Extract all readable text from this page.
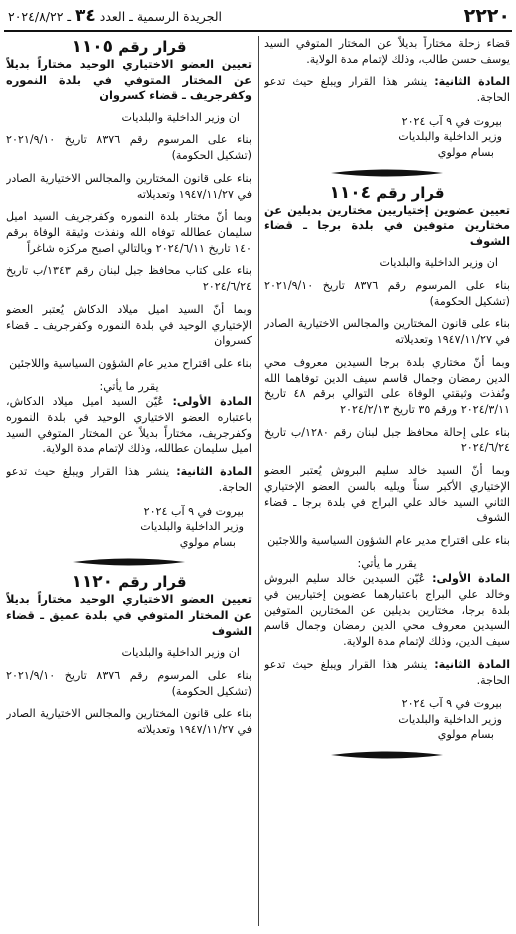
٢٢٢٠
الجريدة الرسمية ـ العدد ٣٤ ـ ٢٠٢٤/٨/٢٢

قضاء زحلة مختاراً بديلاً عن المختار المتوفي السيد يوسف حسن طالب، وذلك لإتمام مدة الولاية.

المادة الثانية: ينشر هذا القرار ويبلغ حيث تدعو الحاجة.

بيروت في ٩ آب ٢٠٢٤
وزير الداخلية والبلديات
بسام مولوي
قرار رقم ١١٠٤
تعيين عضوين إختياريين مختارين بديلين عن مختارين متوفين في بلدة برجا ـ قضاء الشوف

ان وزير الداخلية والبلديات

بناء على المرسوم رقم ٨٣٧٦ تاريخ ٢٠٢١/٩/١٠ (تشكيل الحكومة)

بناء على قانون المختارين والمجالس الاختيارية الصادر في ١٩٤٧/١١/٢٧ وتعديلاته

وبما أنّ مختاري بلدة برجا السيدين معروف محي الدين رمضان وجمال قاسم سيف الدين توفاهما الله ونُفذت وثيقتي الوفاة على التوالي برقم ٤٨ تاريخ ٢٠٢٤/٣/١١ ورقم ٣٥ تاريخ ٢٠٢٤/٢/١٣

بناء على إحالة محافظ جبل لبنان رقم ١٢٨٠/ب تاريخ ٢٠٢٤/٦/٢٤

وبما أنّ السيد خالد سليم البروش يُعتبر العضو الإختياري الأكبر سناً ويليه بالسن العضو الإختياري الثاني السيد خالد علي البراج في بلدة برجا ـ قضاء الشوف

بناء على اقتراح مدير عام الشؤون السياسية واللاجئين

يقرر ما يأتي:

المادة الأولى: عُيّن السيدين خالد سليم البروش وخالد علي البراج باعتبارهما عضوين إختياريين في بلدة برجا، مختارين بديلين عن المختارين المتوفين السيدين معروف محي الدين رمضان وجمال قاسم سيف الدين، وذلك لإتمام مدة الولاية.

المادة الثانية: ينشر هذا القرار ويبلغ حيث تدعو الحاجة.

بيروت في ٩ آب ٢٠٢٤
وزير الداخلية والبلديات
بسام مولوي
قرار رقم ١١٠٥
تعيين العضو الاختياري الوحيد مختاراً بديلاً عن المختار المتوفي في بلدة النموره وكفرجريف ـ قضاء كسروان

ان وزير الداخلية والبلديات

بناء على المرسوم رقم ٨٣٧٦ تاريخ ٢٠٢١/٩/١٠ (تشكيل الحكومة)

بناء على قانون المختارين والمجالس الاختيارية الصادر في ١٩٤٧/١١/٢٧ وتعديلاته

وبما أنّ مختار بلدة النموره وكفرجريف السيد اميل سليمان عطالله توفاه الله ونفذت وثيقة الوفاة برقم ١٤٠ تاريخ ٢٠٢٤/٦/١١ وبالتالي اصبح مركزه شاغراً

بناء على كتاب محافظ جبل لبنان رقم ١٣٤٣/ب تاريخ ٢٠٢٤/٦/٢٤

وبما أنّ السيد اميل ميلاد الدكاش يُعتبر العضو الإختياري الوحيد في بلدة النموره وكفرجريف ـ قضاء كسروان

بناء على اقتراح مدير عام الشؤون السياسية واللاجئين

يقرر ما يأتي:

المادة الأولى: عُيّن السيد اميل ميلاد الدكاش، باعتباره العضو الاختياري الوحيد في بلدة النموره وكفرجريف، مختاراً بديلاً عن المختار المتوفي السيد اميل سليمان عطالله، وذلك لإتمام مدة الولاية.

المادة الثانية: ينشر هذا القرار ويبلغ حيث تدعو الحاجة.

بيروت في ٩ آب ٢٠٢٤
وزير الداخلية والبلديات
بسام مولوي
قرار رقم ١١٢٠
تعيين العضو الاختياري الوحيد مختاراً بديلاً عن المختار المتوفي في بلدة عميق ـ قضاء الشوف

ان وزير الداخلية والبلديات

بناء على المرسوم رقم ٨٣٧٦ تاريخ ٢٠٢١/٩/١٠ (تشكيل الحكومة)

بناء على قانون المختارين والمجالس الاختيارية الصادر في ١٩٤٧/١١/٢٧ وتعديلاته
